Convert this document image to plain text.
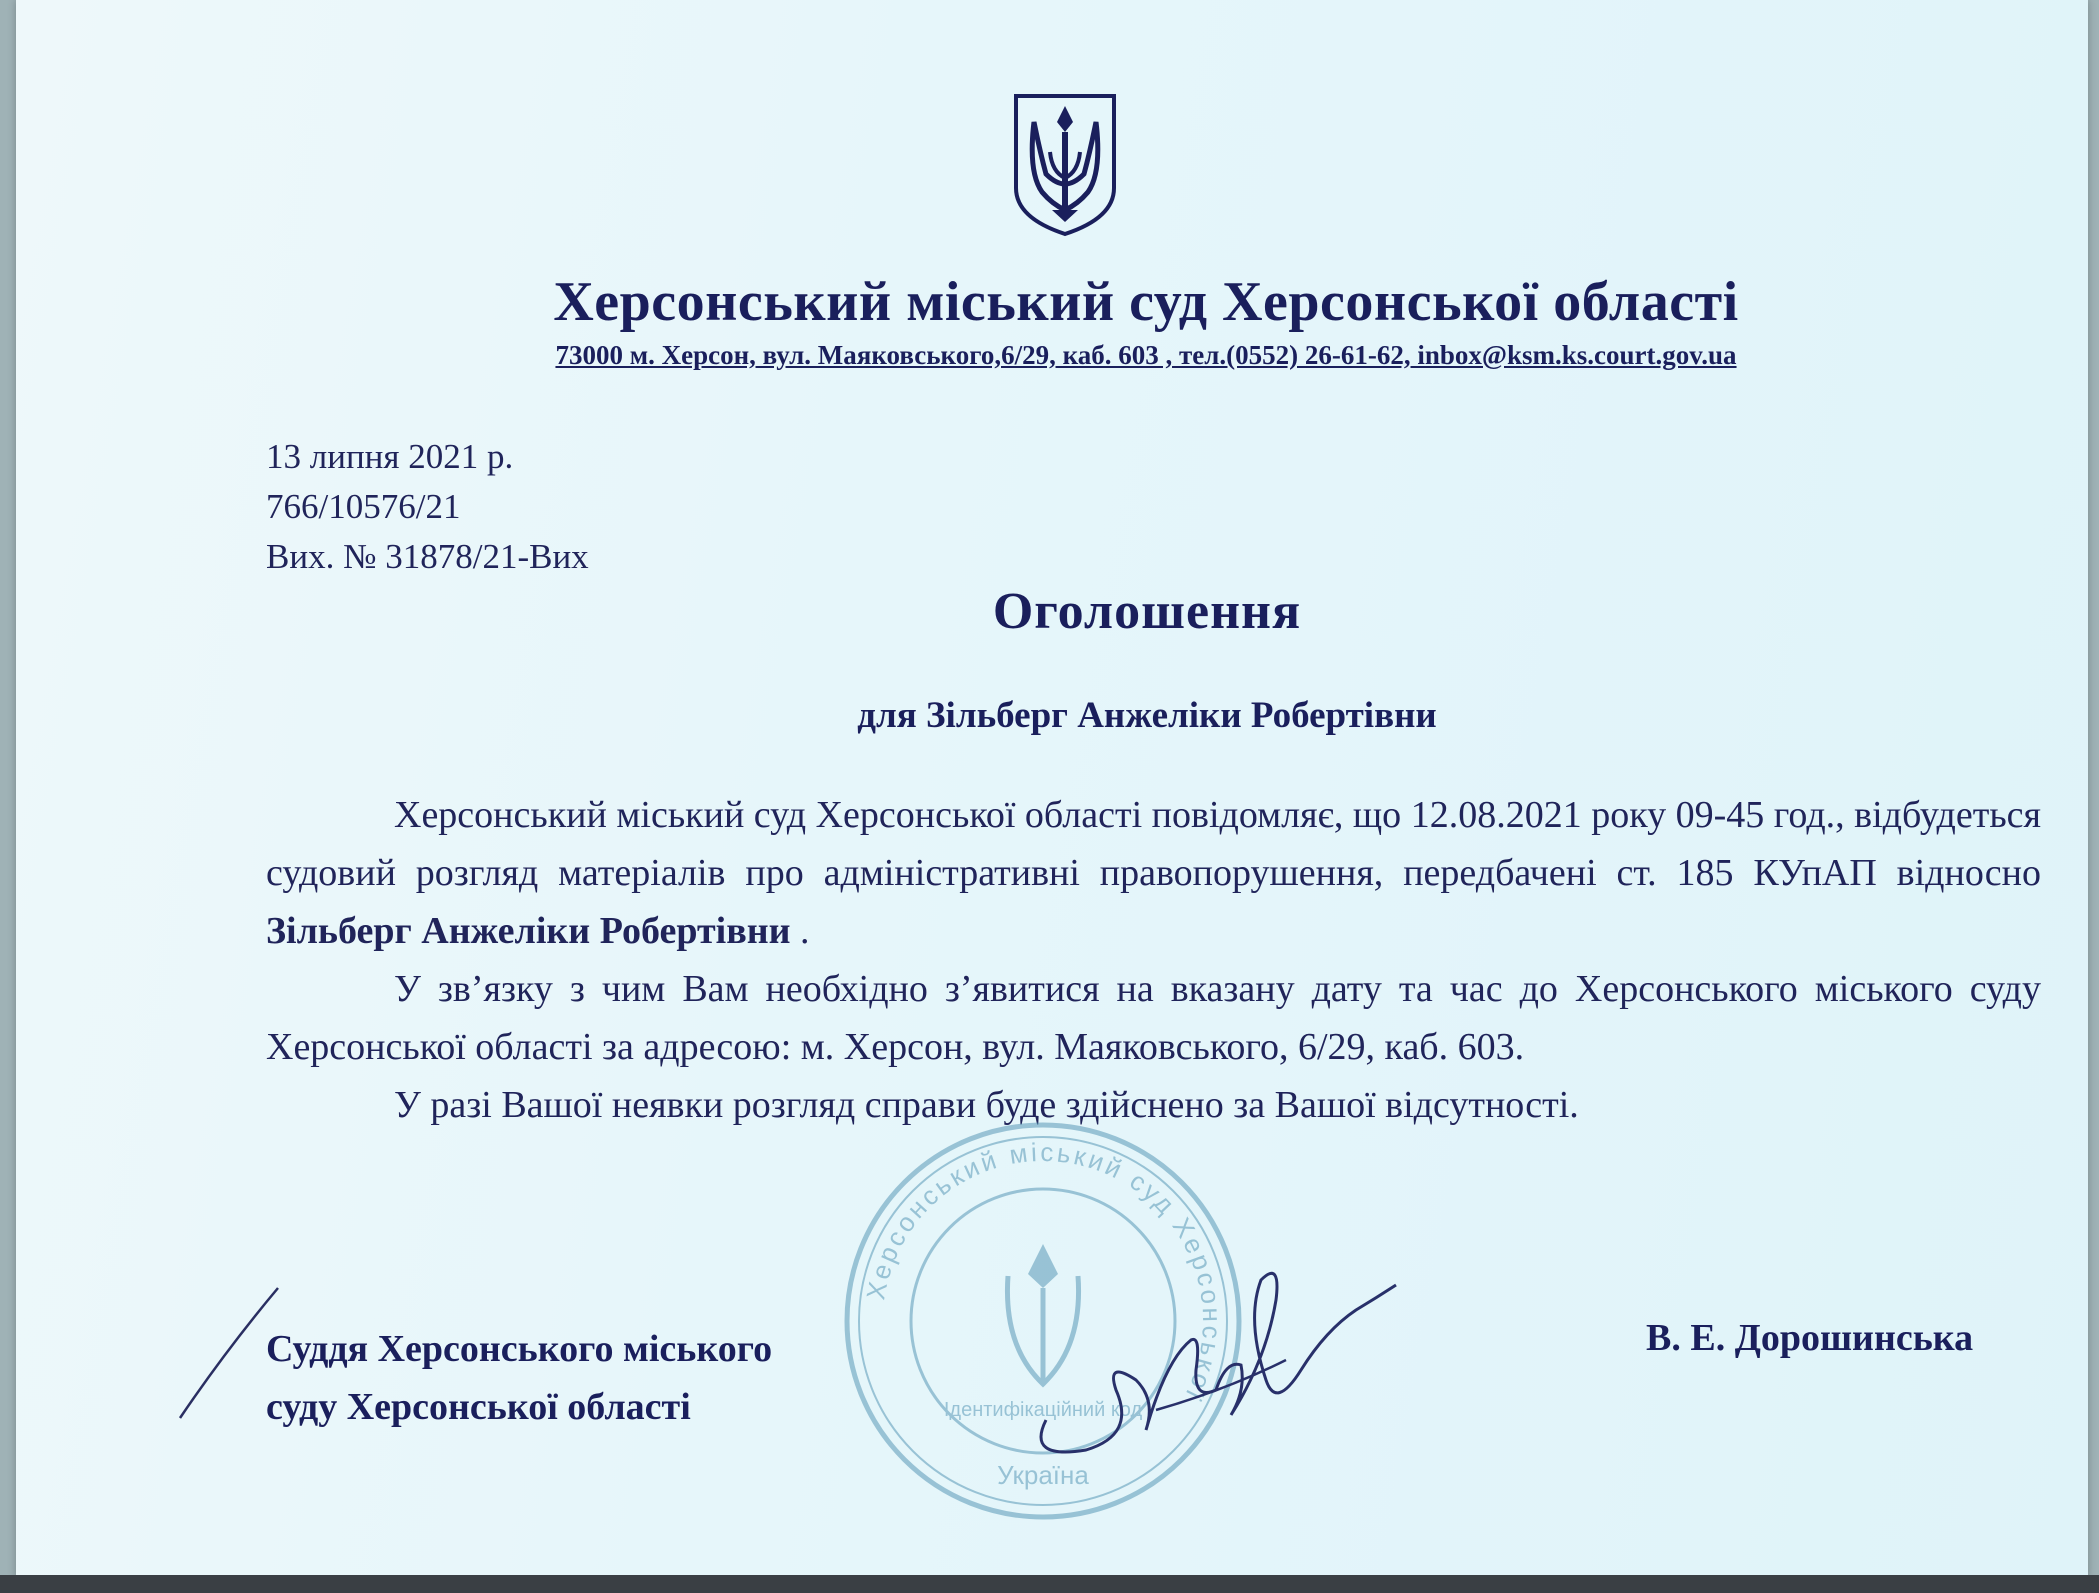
Херсонський міський суд Херсонської області
73000 м. Херсон, вул. Маяковського,6/29, каб. 603 , тел.(0552) 26-61-62, inbox@ksm.ks.court.gov.ua
13 липня 2021 р.
766/10576/21
Вих. № 31878/21-Вих
Оголошення
для Зільберг Анжеліки Робертівни

Херсонський міський суд Херсонської області повідомляє, що 12.08.2021 року 09-45 год., відбудеться судовий розгляд матеріалів про адміністративні правопорушення, передбачені ст. 185 КУпАП відносно Зільберг Анжеліки Робертівни .

У зв’язку з чим Вам необхідно з’явитися на вказану дату та час до Херсонського міського суду Херсонської області за адресою: м. Херсон, вул. Маяковського, 6/29, каб. 603.

У разі Вашої неявки розгляд справи буде здійснено за Вашої відсутності.

Суддя Херсонського міського
суду Херсонської області
В. Е. Дорошинська
Херсонський міський суд Херсонської
Ідентифікаційний код
Україна
